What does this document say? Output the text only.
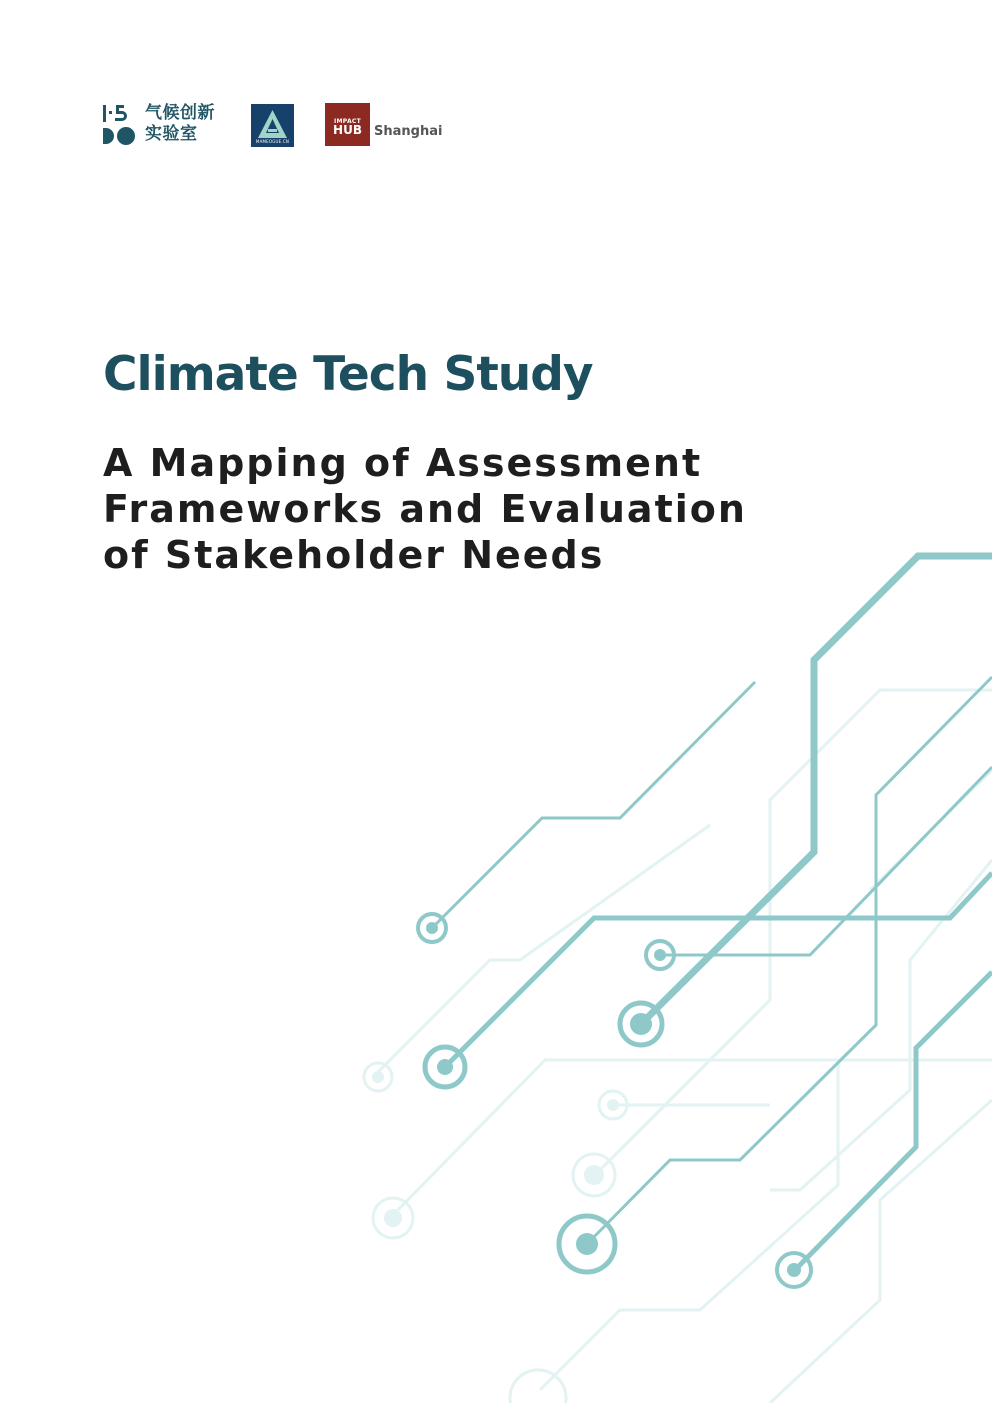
气候创新
实验室	MAMEOGUE.CN
IMPACT
HUB Shanghai
Climate Tech Study
A Mapping of Assessment
Frameworks and Evaluation
of Stakeholder Needs
